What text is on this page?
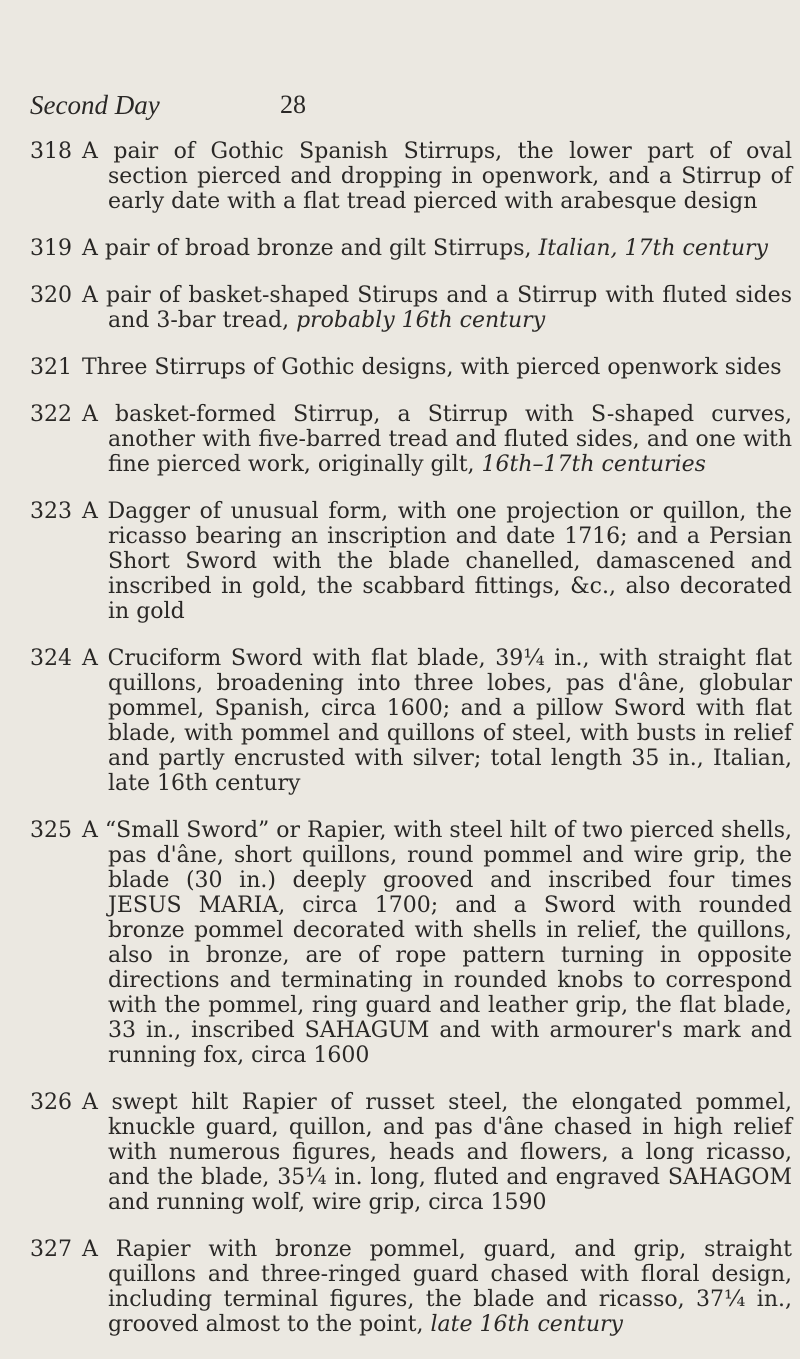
Second Day	28
318 A pair of Gothic Spanish Stirrups, the lower part of oval section pierced and dropping in openwork, and a Stirrup of early date with a flat tread pierced with arabesque design
319 A pair of broad bronze and gilt Stirrups, Italian, 17th century
320 A pair of basket-shaped Stirups and a Stirrup with fluted sides and 3-bar tread, probably 16th century
321 Three Stirrups of Gothic designs, with pierced openwork sides
322 A basket-formed Stirrup, a Stirrup with S-shaped curves, another with five-barred tread and fluted sides, and one with fine pierced work, originally gilt, 16th–17th centuries
323 A Dagger of unusual form, with one projection or quillon, the ricasso bearing an inscription and date 1716; and a Persian Short Sword with the blade chanelled, damascened and inscribed in gold, the scabbard fittings, &c., also decorated in gold
324 A Cruciform Sword with flat blade, 39¼ in., with straight flat quillons, broadening into three lobes, pas d'âne, globular pommel, Spanish, circa 1600; and a pillow Sword with flat blade, with pommel and quillons of steel, with busts in relief and partly encrusted with silver; total length 35 in., Italian, late 16th century
325 A “Small Sword” or Rapier, with steel hilt of two pierced shells, pas d'âne, short quillons, round pommel and wire grip, the blade (30 in.) deeply grooved and inscribed four times JESUS MARIA, circa 1700; and a Sword with rounded bronze pommel decorated with shells in relief, the quillons, also in bronze, are of rope pattern turning in opposite directions and terminating in rounded knobs to correspond with the pommel, ring guard and leather grip, the flat blade, 33 in., inscribed SAHAGUM and with armourer's mark and running fox, circa 1600
326 A swept hilt Rapier of russet steel, the elongated pommel, knuckle guard, quillon, and pas d'âne chased in high relief with numerous figures, heads and flowers, a long ricasso, and the blade, 35¼ in. long, fluted and engraved SAHAGOM and running wolf, wire grip, circa 1590
327 A Rapier with bronze pommel, guard, and grip, straight quillons and three-ringed guard chased with floral design, including terminal figures, the blade and ricasso, 37¼ in., grooved almost to the point, late 16th century
